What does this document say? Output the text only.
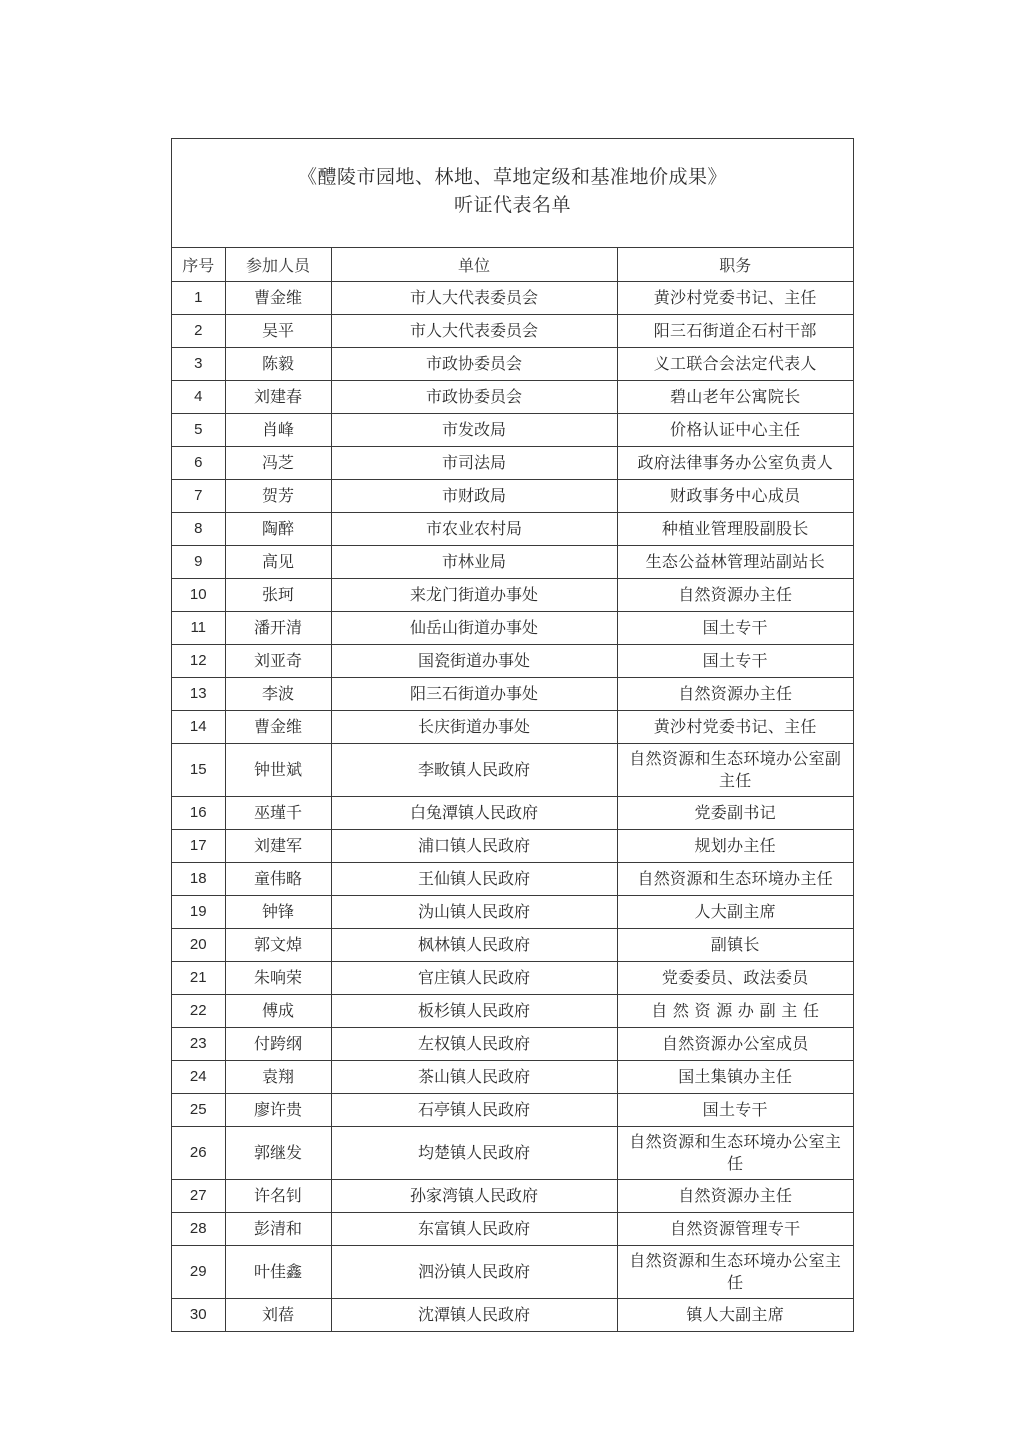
《醴陵市园地、林地、草地定级和基准地价成果》
听证代表名单
序号	参加人员	单位	职务
1	曹金维	市人大代表委员会	黄沙村党委书记、主任
2	吴平	市人大代表委员会	阳三石街道企石村干部
3	陈毅	市政协委员会	义工联合会法定代表人
4	刘建春	市政协委员会	碧山老年公寓院长
5	肖峰	市发改局	价格认证中心主任
6	冯芝	市司法局	政府法律事务办公室负责人
7	贺芳	市财政局	财政事务中心成员
8	陶醉	市农业农村局	种植业管理股副股长
9	高见	市林业局	生态公益林管理站副站长
10	张珂	来龙门街道办事处	自然资源办主任
11	潘开清	仙岳山街道办事处	国土专干
12	刘亚奇	国瓷街道办事处	国土专干
13	李波	阳三石街道办事处	自然资源办主任
14	曹金维	长庆街道办事处	黄沙村党委书记、主任
15	钟世斌	李畋镇人民政府	自然资源和生态环境办公室副主任
16	巫瑾千	白兔潭镇人民政府	党委副书记
17	刘建军	浦口镇人民政府	规划办主任
18	童伟略	王仙镇人民政府	自然资源和生态环境办主任
19	钟锋	沩山镇人民政府	人大副主席
20	郭文焯	枫林镇人民政府	副镇长
21	朱响荣	官庄镇人民政府	党委委员、政法委员
22	傅成	板杉镇人民政府	自 然 资 源 办 副 主 任
23	付跨纲	左权镇人民政府	自然资源办公室成员
24	袁翔	茶山镇人民政府	国土集镇办主任
25	廖许贵	石亭镇人民政府	国土专干
26	郭继发	均楚镇人民政府	自然资源和生态环境办公室主任
27	许名钊	孙家湾镇人民政府	自然资源办主任
28	彭清和	东富镇人民政府	自然资源管理专干
29	叶佳鑫	泗汾镇人民政府	自然资源和生态环境办公室主任
30	刘蓓	沈潭镇人民政府	镇人大副主席
